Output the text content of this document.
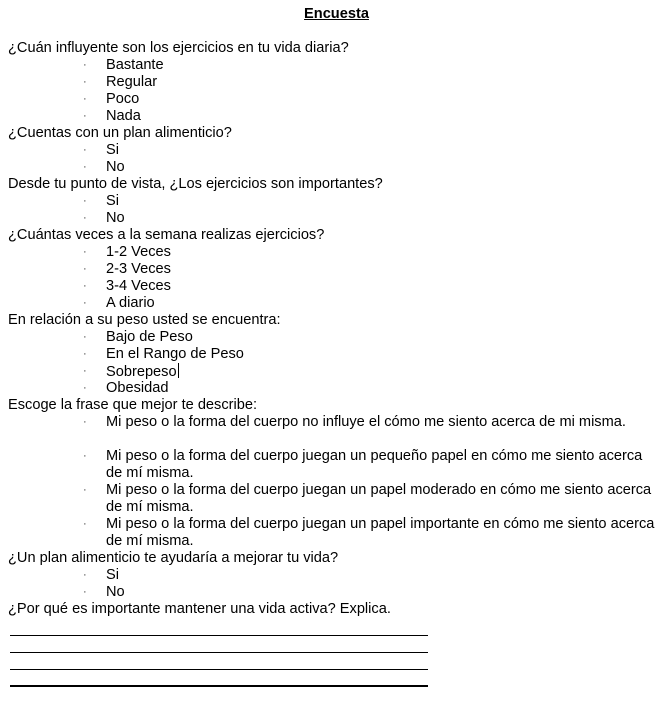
Encuesta
¿Cuán influyente son los ejercicios en tu vida diaria?
· Bastante
· Regular
· Poco
· Nada
¿Cuentas con un plan alimenticio?
· Si
· No
Desde tu punto de vista, ¿Los ejercicios son importantes?
· Si
· No
¿Cuántas veces a la semana realizas ejercicios?
· 1-2 Veces
· 2-3 Veces
· 3-4 Veces
· A diario
En relación a su peso usted se encuentra:
· Bajo de Peso
· En el Rango de Peso
· Sobrepeso
· Obesidad
Escoge la frase que mejor te describe:
· Mi peso o la forma del cuerpo no influye el cómo me siento acerca de mi misma.
· Mi peso o la forma del cuerpo juegan un pequeño papel en cómo me siento acerca de mí misma.
· Mi peso o la forma del cuerpo juegan un papel moderado en cómo me siento acerca de mí misma.
· Mi peso o la forma del cuerpo juegan un papel importante en cómo me siento acerca de mí misma.
¿Un plan alimenticio te ayudaría a mejorar tu vida?
· Si
· No
¿Por qué es importante mantener una vida activa? Explica.
